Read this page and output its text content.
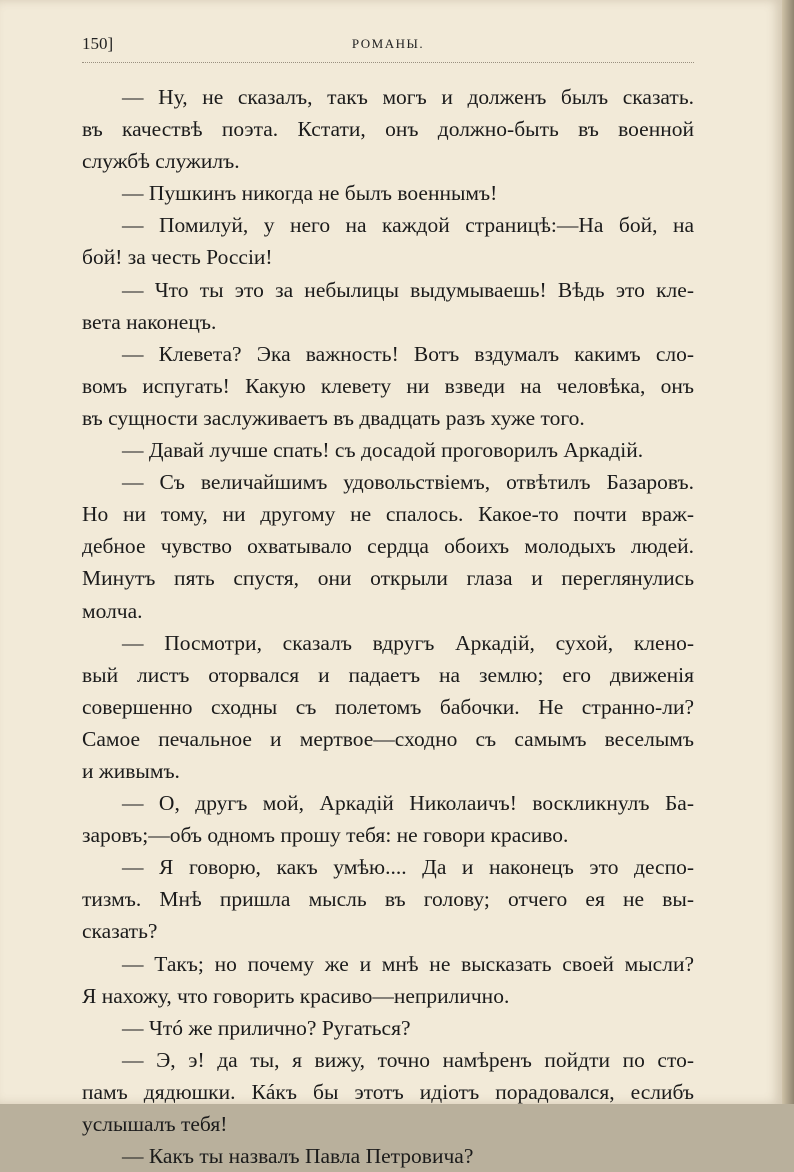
150]	РОМАНЫ.
— Ну, не сказалъ, такъ могъ и долженъ былъ сказать.
въ качествѣ поэта. Кстати, онъ должно-быть въ военной
службѣ служилъ.
— Пушкинъ никогда не былъ военнымъ!
— Помилуй, у него на каждой страницѣ:—На бой, на
бой! за честь Россіи!
— Что ты это за небылицы выдумываешь! Вѣдь это кле-
вета наконецъ.
— Клевета? Эка важность! Вотъ вздумалъ какимъ сло-
вомъ испугать! Какую клевету ни взведи на человѣка, онъ
въ сущности заслуживаетъ въ двадцать разъ хуже того.
— Давай лучше спать! съ досадой проговорилъ Аркадій.
— Съ величайшимъ удовольствіемъ, отвѣтилъ Базаровъ.
Но ни тому, ни другому не спалось. Какое-то почти враж-
дебное чувство охватывало сердца обоихъ молодыхъ людей.
Минутъ пять спустя, они открыли глаза и переглянулись
молча.
— Посмотри, сказалъ вдругъ Аркадій, сухой, клено-
вый листъ оторвался и падаетъ на землю; его движенія
совершенно сходны съ полетомъ бабочки. Не странно-ли?
Самое печальное и мертвое—сходно съ самымъ веселымъ
и живымъ.
— О, другъ мой, Аркадій Николаичъ! воскликнулъ Ба-
заровъ;—объ одномъ прошу тебя: не говори красиво.
— Я говорю, какъ умѣю.... Да и наконецъ это деспо-
тизмъ. Мнѣ пришла мысль въ голову; отчего ея не вы-
сказать?
— Такъ; но почему же и мнѣ не высказать своей мысли?
Я нахожу, что говорить красиво—неприлично.
— Чтó же прилично? Ругаться?
— Э, э! да ты, я вижу, точно намѣренъ пойдти по сто-
памъ дядюшки. Кáкъ бы этотъ идіотъ порадовался, еслибъ
услышалъ тебя!
— Какъ ты назвалъ Павла Петровича?
